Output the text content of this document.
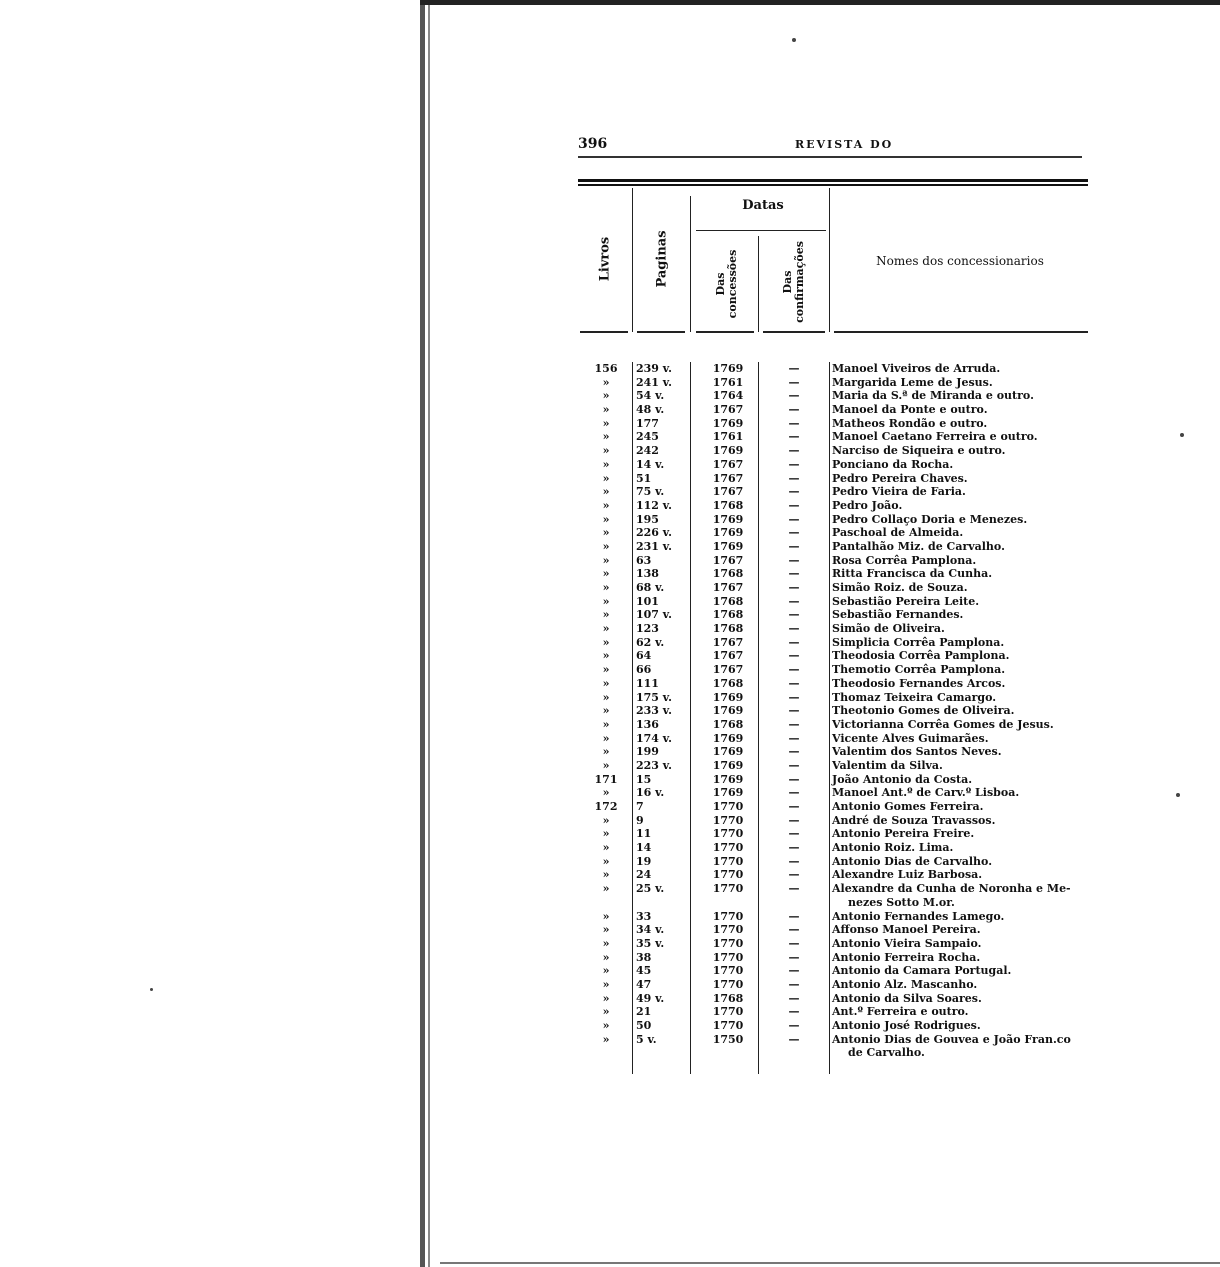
396	REVISTA DO
Livros	Paginas
Datas
Das concessões	Das confirmações	Nomes dos concessionarios
156	239 v.	1769	—	Manoel Viveiros de Arruda.
»	241 v.	1761	—	Margarida Leme de Jesus.
»	54 v.	1764	—	Maria da S.ª de Miranda e outro.
»	48 v.	1767	—	Manoel da Ponte e outro.
»	177	1769	—	Matheos Rondão e outro.
»	245	1761	—	Manoel Caetano Ferreira e outro.
»	242	1769	—	Narciso de Siqueira e outro.
»	14 v.	1767	—	Ponciano da Rocha.
»	51	1767	—	Pedro Pereira Chaves.
»	75 v.	1767	—	Pedro Vieira de Faria.
»	112 v.	1768	—	Pedro João.
»	195	1769	—	Pedro Collaço Doria e Menezes.
»	226 v.	1769	—	Paschoal de Almeida.
»	231 v.	1769	—	Pantalhão Miz. de Carvalho.
»	63	1767	—	Rosa Corrêa Pamplona.
»	138	1768	—	Ritta Francisca da Cunha.
»	68 v.	1767	—	Simão Roiz. de Souza.
»	101	1768	—	Sebastião Pereira Leite.
»	107 v.	1768	—	Sebastião Fernandes.
»	123	1768	—	Simão de Oliveira.
»	62 v.	1767	—	Simplicia Corrêa Pamplona.
»	64	1767	—	Theodosia Corrêa Pamplona.
»	66	1767	—	Themotio Corrêa Pamplona.
»	111	1768	—	Theodosio Fernandes Arcos.
»	175 v.	1769	—	Thomaz Teixeira Camargo.
»	233 v.	1769	—	Theotonio Gomes de Oliveira.
»	136	1768	—	Victorianna Corrêa Gomes de Jesus.
»	174 v.	1769	—	Vicente Alves Guimarães.
»	199	1769	—	Valentim dos Santos Neves.
»	223 v.	1769	—	Valentim da Silva.
171	15	1769	—	João Antonio da Costa.
»	16 v.	1769	—	Manoel Ant.º de Carv.º Lisboa.
172	7	1770	—	Antonio Gomes Ferreira.
»	9	1770	—	André de Souza Travassos.
»	11	1770	—	Antonio Pereira Freire.
»	14	1770	—	Antonio Roiz. Lima.
»	19	1770	—	Antonio Dias de Carvalho.
»	24	1770	—	Alexandre Luiz Barbosa.
»	25 v.	1770	—	Alexandre da Cunha de Noronha e Me-
nezes Sotto M.or.
»	33	1770	—	Antonio Fernandes Lamego.
»	34 v.	1770	—	Affonso Manoel Pereira.
»	35 v.	1770	—	Antonio Vieira Sampaio.
»	38	1770	—	Antonio Ferreira Rocha.
»	45	1770	—	Antonio da Camara Portugal.
»	47	1770	—	Antonio Alz. Mascanho.
»	49 v.	1768	—	Antonio da Silva Soares.
»	21	1770	—	Ant.º Ferreira e outro.
»	50	1770	—	Antonio José Rodrigues.
»	5 v.	1750	—	Antonio Dias de Gouvea e João Fran.co
de Carvalho.
